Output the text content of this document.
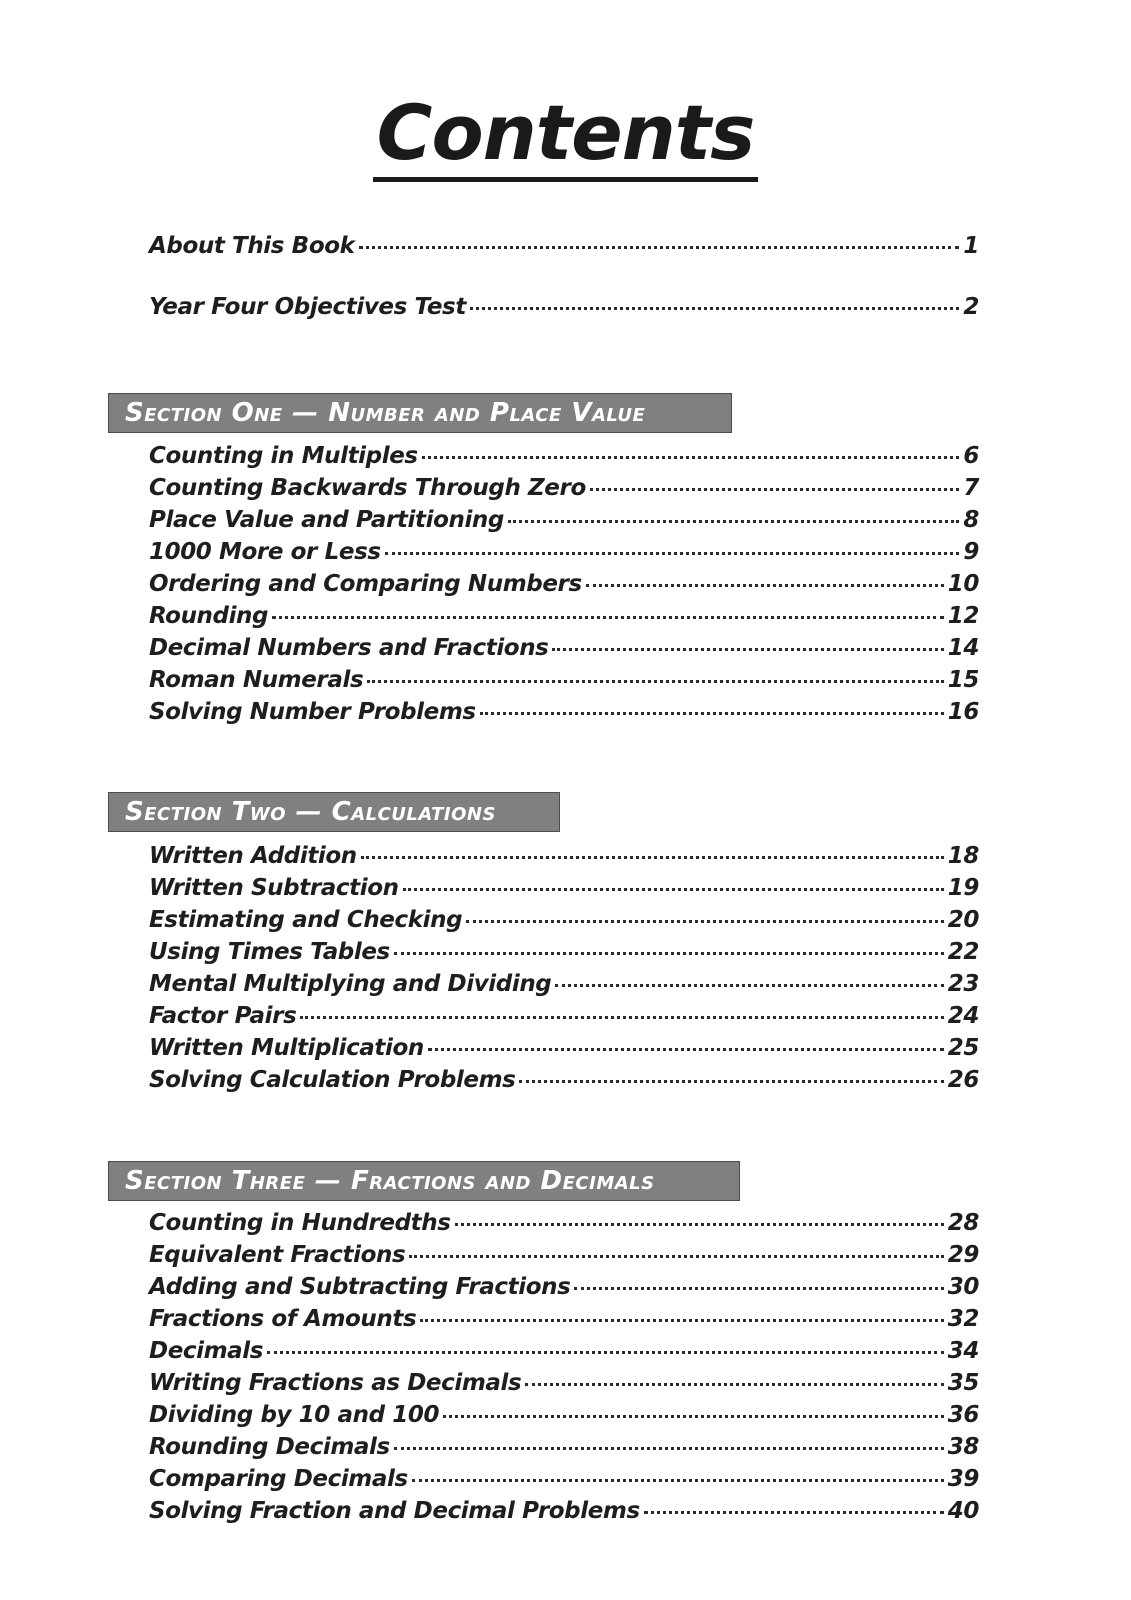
Contents
About This Book	1
Year Four Objectives Test	2
Section One — Number and Place Value
Counting in Multiples	6
Counting Backwards Through Zero	7
Place Value and Partitioning	8
1000 More or Less	9
Ordering and Comparing Numbers	10
Rounding	12
Decimal Numbers and Fractions	14
Roman Numerals	15
Solving Number Problems	16
Section Two — Calculations
Written Addition	18
Written Subtraction	19
Estimating and Checking	20
Using Times Tables	22
Mental Multiplying and Dividing	23
Factor Pairs	24
Written Multiplication	25
Solving Calculation Problems	26
Section Three — Fractions and Decimals
Counting in Hundredths	28
Equivalent Fractions	29
Adding and Subtracting Fractions	30
Fractions of Amounts	32
Decimals	34
Writing Fractions as Decimals	35
Dividing by 10 and 100	36
Rounding Decimals	38
Comparing Decimals	39
Solving Fraction and Decimal Problems	40
